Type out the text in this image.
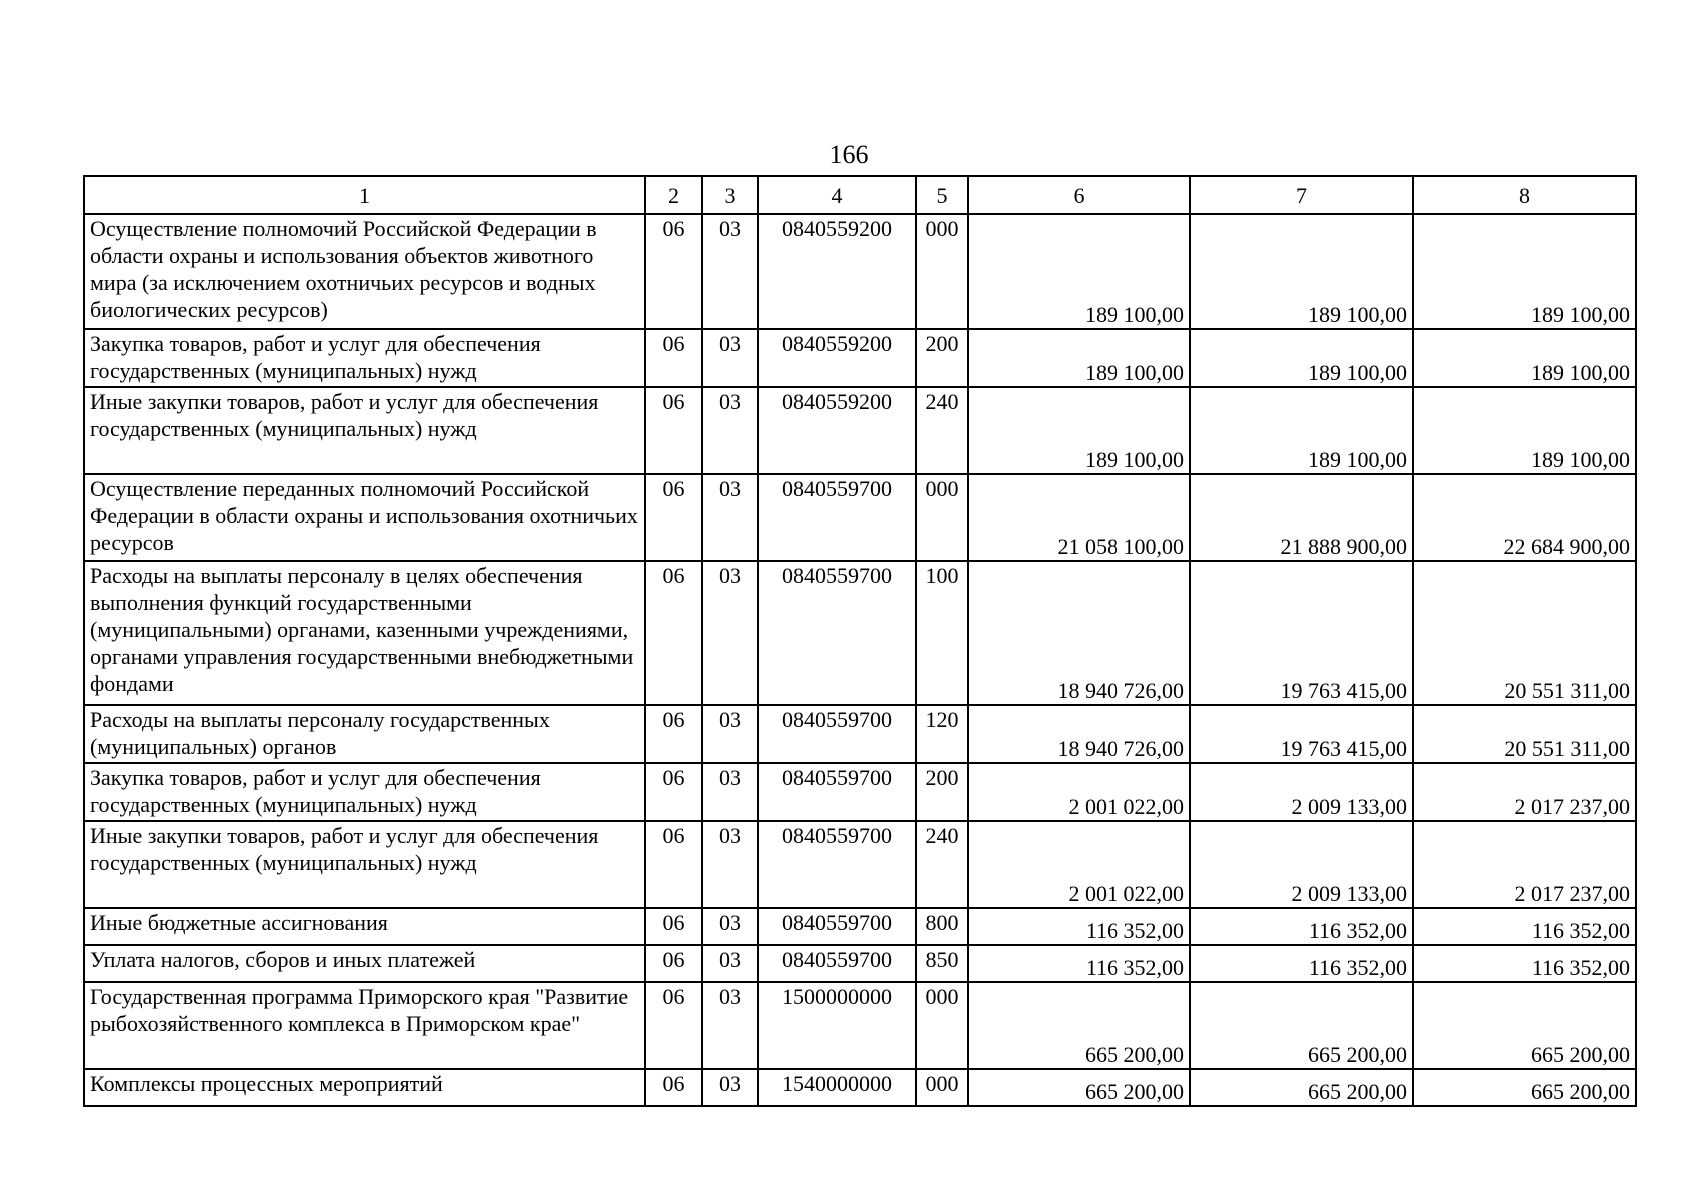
166
1	2	3	4	5	6	7	8
Осуществление полномочий Российской Федерации в области охраны и использования объектов животного мира (за исключением охотничьих ресурсов и водных биологических ресурсов)	06	03	0840559200	000	189 100,00	189 100,00	189 100,00
Закупка товаров, работ и услуг для обеспечения государственных (муниципальных) нужд	06	03	0840559200	200	189 100,00	189 100,00	189 100,00
Иные закупки товаров, работ и услуг для обеспечения государственных (муниципальных) нужд	06	03	0840559200	240	189 100,00	189 100,00	189 100,00
Осуществление переданных полномочий Российской Федерации в области охраны и использования охотничьих ресурсов	06	03	0840559700	000	21 058 100,00	21 888 900,00	22 684 900,00
Расходы на выплаты персоналу в целях обеспечения выполнения функций государственными (муниципальными) органами, казенными учреждениями, органами управления государственными внебюджетными фондами	06	03	0840559700	100	18 940 726,00	19 763 415,00	20 551 311,00
Расходы на выплаты персоналу государственных (муниципальных) органов	06	03	0840559700	120	18 940 726,00	19 763 415,00	20 551 311,00
Закупка товаров, работ и услуг для обеспечения государственных (муниципальных) нужд	06	03	0840559700	200	2 001 022,00	2 009 133,00	2 017 237,00
Иные закупки товаров, работ и услуг для обеспечения государственных (муниципальных) нужд	06	03	0840559700	240	2 001 022,00	2 009 133,00	2 017 237,00
Иные бюджетные ассигнования	06	03	0840559700	800	116 352,00	116 352,00	116 352,00
Уплата налогов, сборов и иных платежей	06	03	0840559700	850	116 352,00	116 352,00	116 352,00
Государственная программа Приморского края "Развитие рыбохозяйственного комплекса в Приморском крае"	06	03	1500000000	000	665 200,00	665 200,00	665 200,00
Комплексы процессных мероприятий	06	03	1540000000	000	665 200,00	665 200,00	665 200,00
